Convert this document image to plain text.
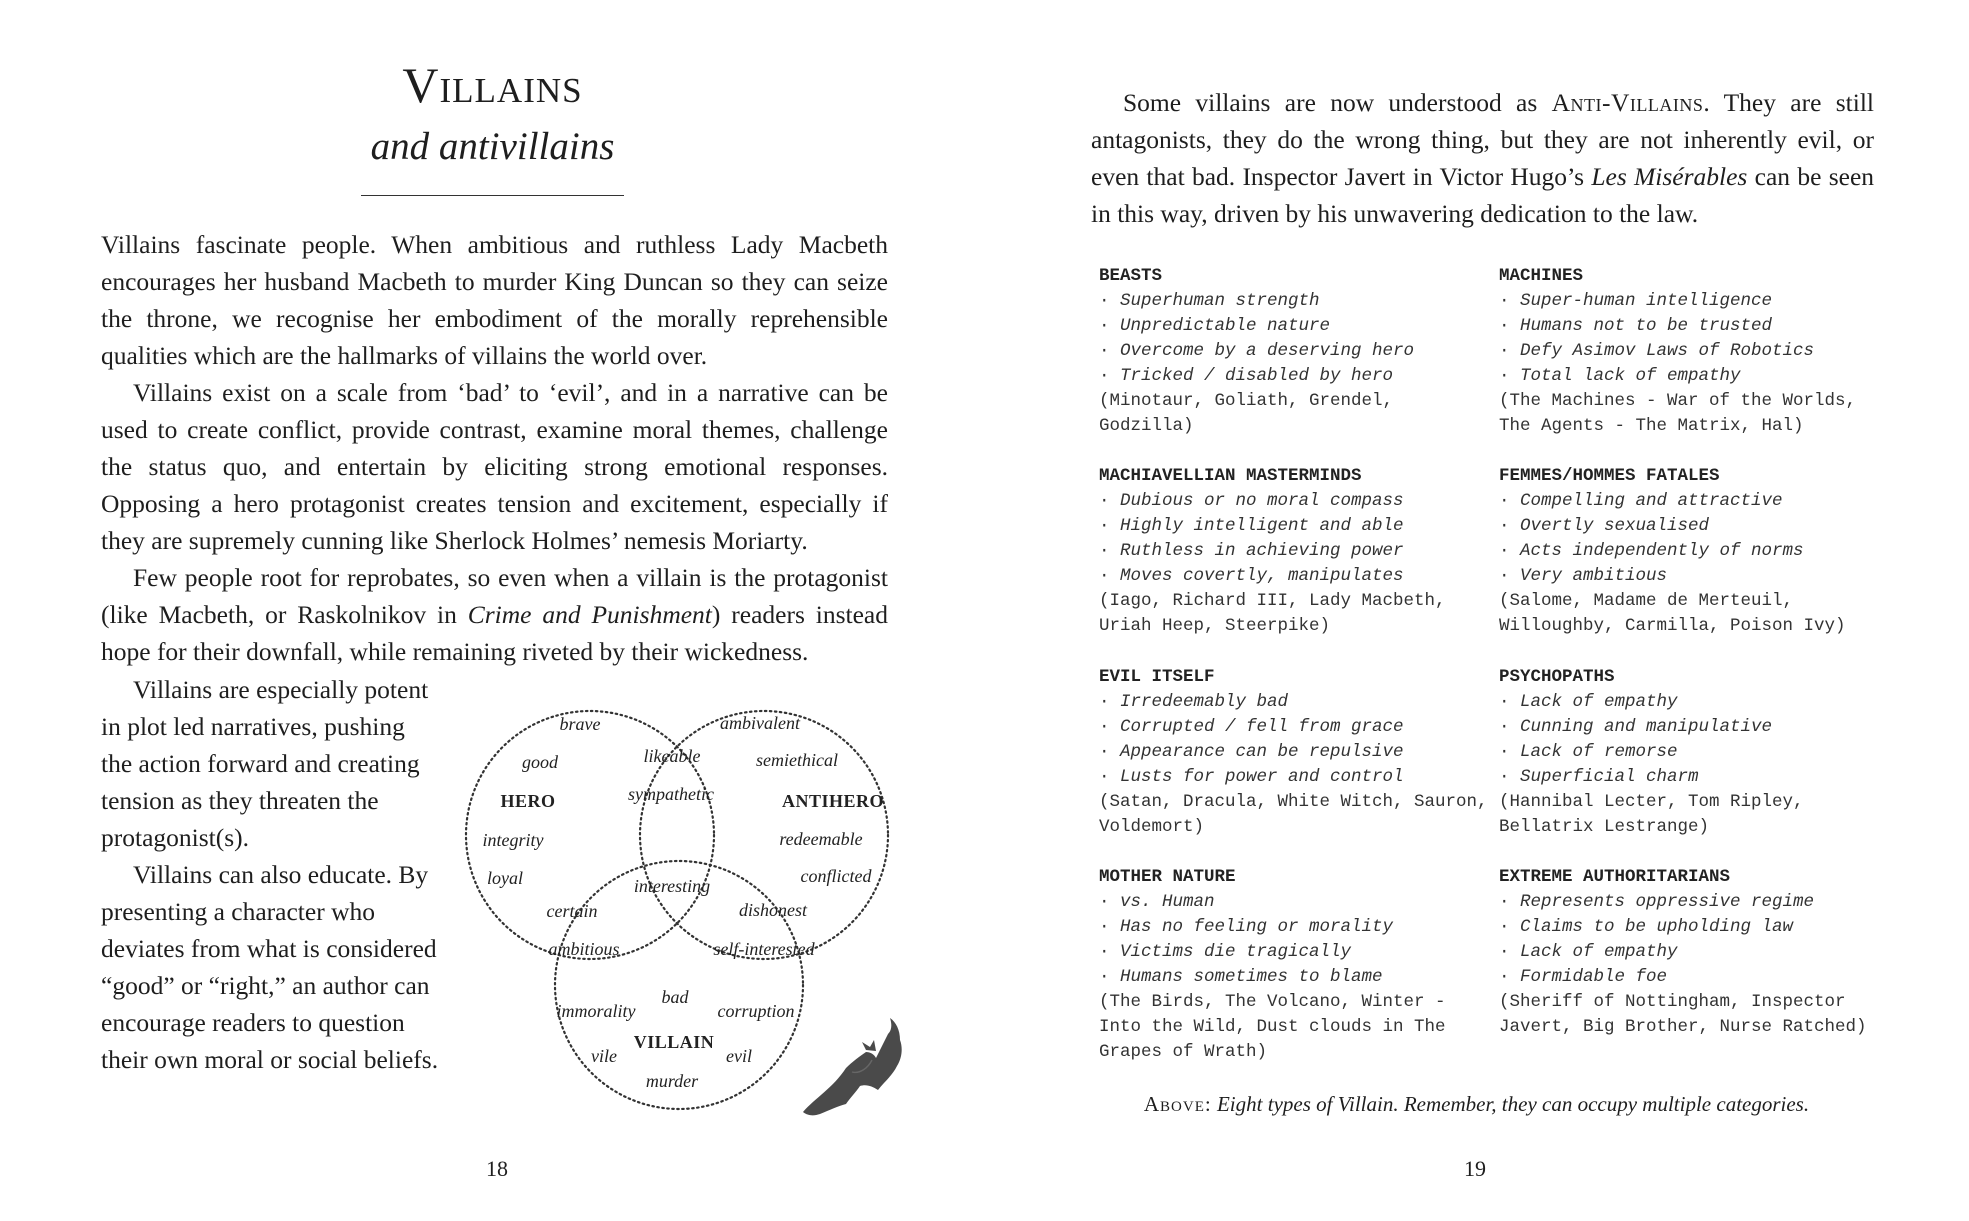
Villains
and antivillains

Villains fascinate people. When ambitious and ruthless Lady Macbeth encourages her husband Macbeth to murder King Duncan so they can seize the throne, we recognise her embodiment of the morally reprehensible qualities which are the hallmarks of villains the world over.

Villains exist on a scale from ‘bad’ to ‘evil’, and in a narrative can be used to create conflict, provide contrast, examine moral themes, challenge the status quo, and entertain by eliciting strong emotional responses. Opposing a hero protagonist creates tension and excitement, especially if they are supremely cunning like Sherlock Holmes’ nemesis Moriarty.

Few people root for reprobates, so even when a villain is the protagonist (like Macbeth, or Raskolnikov in Crime and Punishment) readers instead hope for their downfall, while remaining riveted by their wickedness.

Villains are especially potent in plot led narratives, pushing the action forward and creating tension as they threaten the protagonist(s).

Villains can also educate. By presenting a character who deviates from what is considered “good” or “right,” an author can encourage readers to question their own moral or social beliefs.

HERO	ANTIHERO
VILLAIN
brave
good
integrity
loyal
ambivalent
semiethical
redeemable
conflicted
likeable
sympathetic
interesting
certain
ambitious
dishonest
self-interested
immorality	corruption
bad
vile	evil
murder
18

Some villains are now understood as Anti-Villains. They are still antagonists, they do the wrong thing, but they are not inherently evil, or even that bad. Inspector Javert in Victor Hugo’s Les Misérables can be seen in this way, driven by his unwavering dedication to the law.

BEASTS
· Superhuman strength
· Unpredictable nature
· Overcome by a deserving hero
· Tricked / disabled by hero
(Minotaur, Goliath, Grendel, Godzilla)
MACHINES
· Super-human intelligence
· Humans not to be trusted
· Defy Asimov Laws of Robotics
· Total lack of empathy
(The Machines - War of the Worlds, The Agents - The Matrix, Hal)
MACHIAVELLIAN MASTERMINDS
· Dubious or no moral compass
· Highly intelligent and able
· Ruthless in achieving power
· Moves covertly, manipulates
(Iago, Richard III, Lady Macbeth, Uriah Heep, Steerpike)
FEMMES/HOMMES FATALES
· Compelling and attractive
· Overtly sexualised
· Acts independently of norms
· Very ambitious
(Salome, Madame de Merteuil, Willoughby, Carmilla, Poison Ivy)
EVIL ITSELF
· Irredeemably bad
· Corrupted / fell from grace
· Appearance can be repulsive
· Lusts for power and control
(Satan, Dracula, White Witch, Sauron, Voldemort)
PSYCHOPATHS
· Lack of empathy
· Cunning and manipulative
· Lack of remorse
· Superficial charm
(Hannibal Lecter, Tom Ripley, Bellatrix Lestrange)
MOTHER NATURE
· vs. Human
· Has no feeling or morality
· Victims die tragically
· Humans sometimes to blame
(The Birds, The Volcano, Winter - Into the Wild, Dust clouds in The Grapes of Wrath)
EXTREME AUTHORITARIANS
· Represents oppressive regime
· Claims to be upholding law
· Lack of empathy
· Formidable foe
(Sheriff of Nottingham, Inspector Javert, Big Brother, Nurse Ratched)
Above: Eight types of Villain. Remember, they can occupy multiple categories.
19
